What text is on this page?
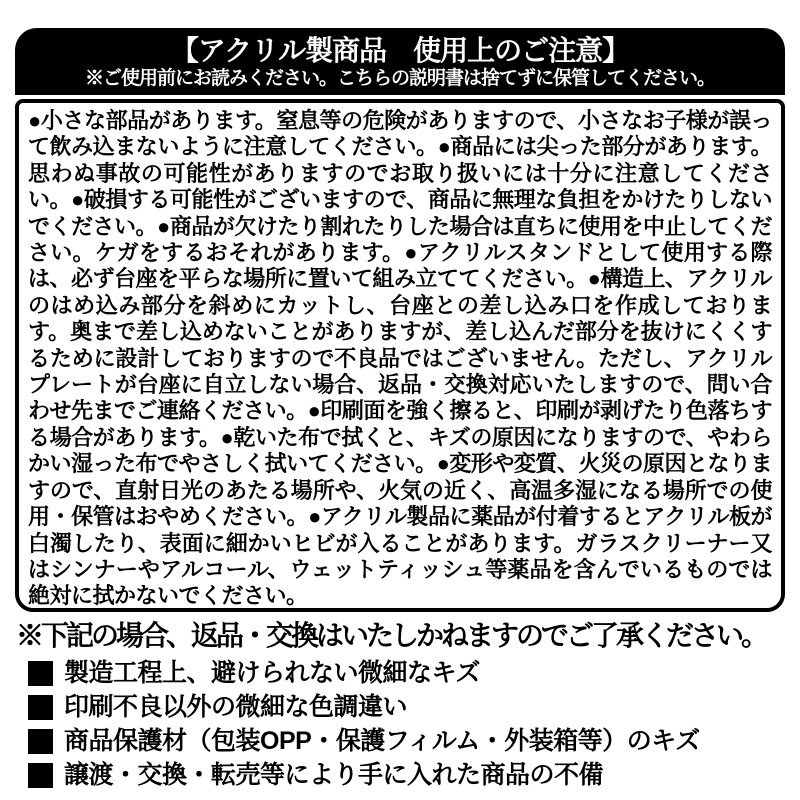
【アクリル製商品　使用上のご注意】
※ご使用前にお読みください。こちらの説明書は捨てずに保管してください。

●小さな部品があります。窒息等の危険がありますので、小さなお子様が誤って飲み込まないように注意してください。●商品には尖った部分があります。思わぬ事故の可能性がありますのでお取り扱いには十分に注意してください。●破損する可能性がございますので、商品に無理な負担をかけたりしないでください。●商品が欠けたり割れたりした場合は直ちに使用を中止してください。ケガをするおそれがあります。●アクリルスタンドとして使用する際は、必ず台座を平らな場所に置いて組み立ててください。●構造上、アクリルのはめ込み部分を斜めにカットし、台座との差し込み口を作成しております。奥まで差し込めないことがありますが、差し込んだ部分を抜けにくくするために設計しておりますので不良品ではございません。ただし、アクリルプレートが台座に自立しない場合、返品・交換対応いたしますので、問い合わせ先までご連絡ください。●印刷面を強く擦ると、印刷が剥げたり色落ちする場合があります。●乾いた布で拭くと、キズの原因になりますので、やわらかい湿った布でやさしく拭いてください。●変形や変質、火災の原因となりますので、直射日光のあたる場所や、火気の近く、高温多湿になる場所での使用・保管はおやめください。●アクリル製品に薬品が付着するとアクリル板が白濁したり、表面に細かいヒビが入ることがあります。ガラスクリーナー又はシンナーやアルコール、ウェットティッシュ等薬品を含んでいるものでは絶対に拭かないでください。

※下記の場合、返品・交換はいたしかねますのでご了承ください。
製造工程上、避けられない微細なキズ
印刷不良以外の微細な色調違い
商品保護材（包装OPP・保護フィルム・外装箱等）のキズ
譲渡・交換・転売等により手に入れた商品の不備
